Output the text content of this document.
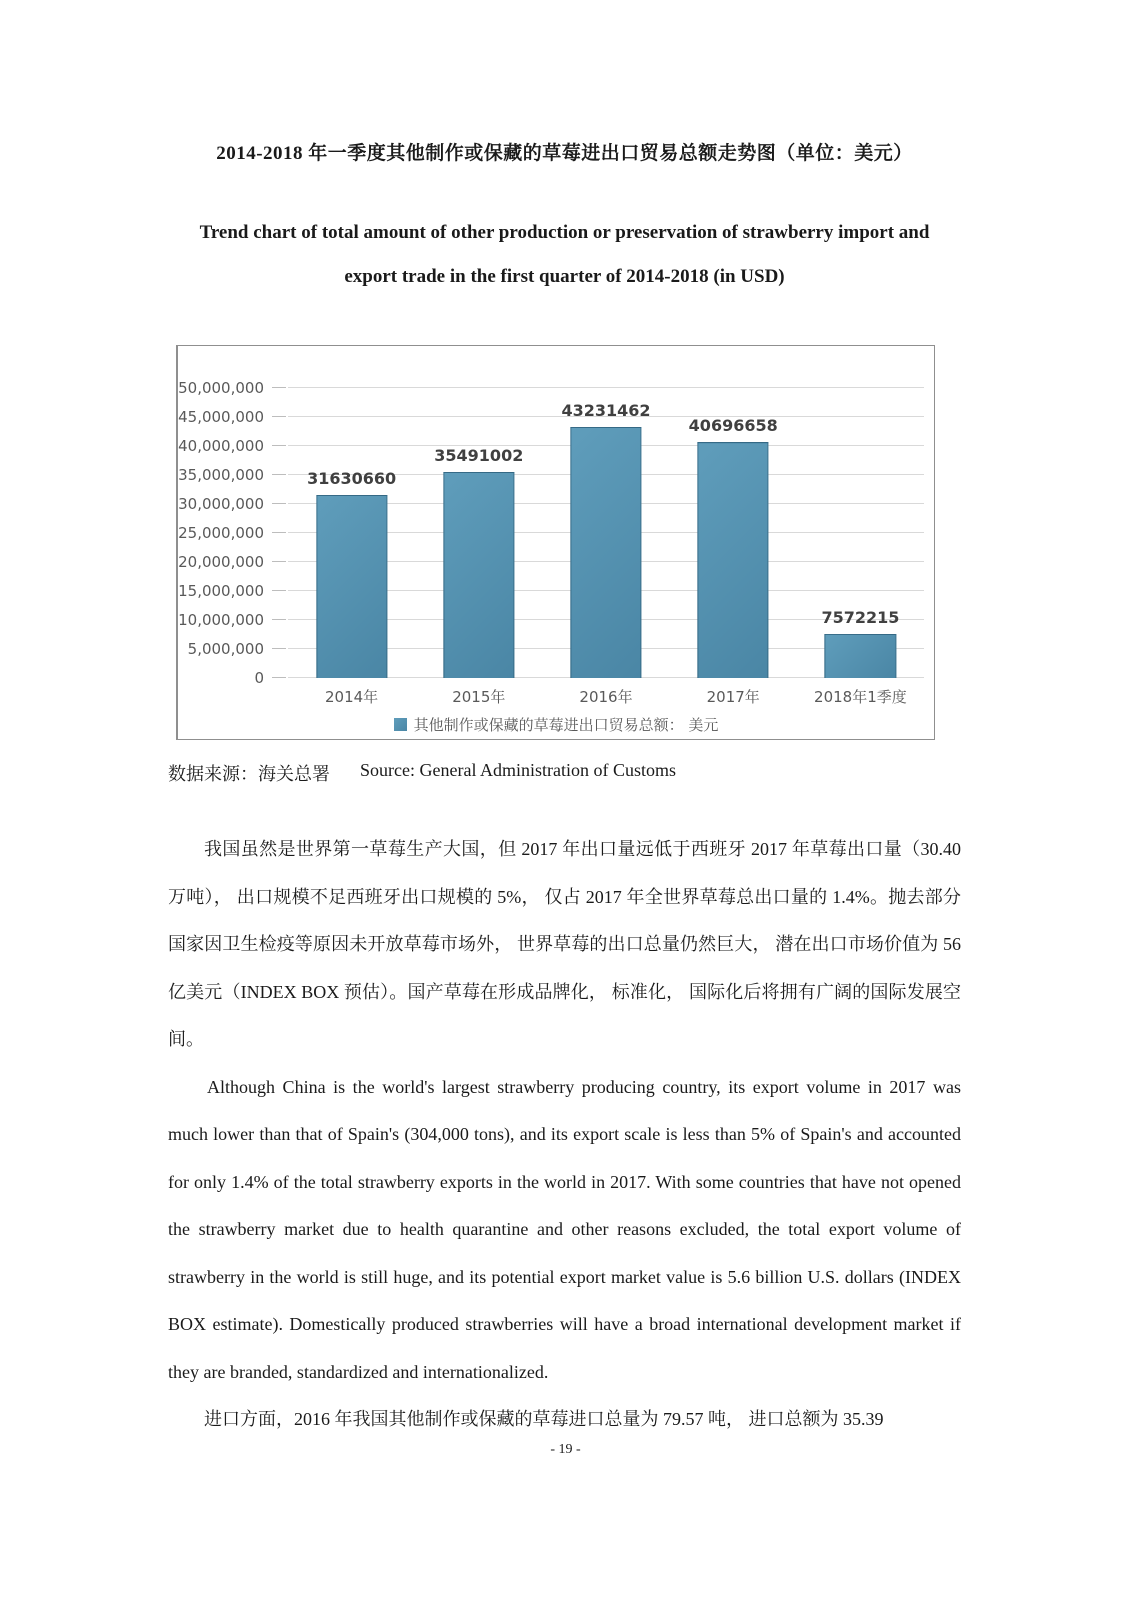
2014-2018 年一季度其他制作或保藏的草莓进出口贸易总额走势图（单位：美元）
Trend chart of total amount of other production or preservation of strawberry import and
export trade in the first quarter of 2014-2018 (in USD)
0
5,000,000
10,000,000
15,000,000
20,000,000
25,000,000
30,000,000
35,000,000
40,000,000
45,000,000
50,000,000
31630660
35491002
43231462
40696658
7572215
2014年	2015年	2016年	2017年	2018年1季度
其他制作或保藏的草莓进出口贸易总额： 美元
数据来源：海关总署 Source: General Administration of Customs

我国虽然是世界第一草莓生产大国，但 2017 年出口量远低于西班牙 2017 年草莓出口量（30.40 万吨）， 出口规模不足西班牙出口规模的 5%， 仅占 2017 年全世界草莓总出口量的 1.4%。抛去部分国家因卫生检疫等原因未开放草莓市场外， 世界草莓的出口总量仍然巨大， 潜在出口市场价值为 56 亿美元（INDEX BOX 预估）。国产草莓在形成品牌化， 标准化， 国际化后将拥有广阔的国际发展空间。

Although China is the world's largest strawberry producing country, its export volume in 2017 was much lower than that of Spain's (304,000 tons), and its export scale is less than 5% of Spain's and accounted for only 1.4% of the total strawberry exports in the world in 2017. With some countries that have not opened the strawberry market due to health quarantine and other reasons excluded, the total export volume of strawberry in the world is still huge, and its potential export market value is 5.6 billion U.S. dollars (INDEX BOX estimate). Domestically produced strawberries will have a broad international development market if they are branded, standardized and internationalized.

进口方面，2016 年我国其他制作或保藏的草莓进口总量为 79.57 吨， 进口总额为 35.39

- 19 -
